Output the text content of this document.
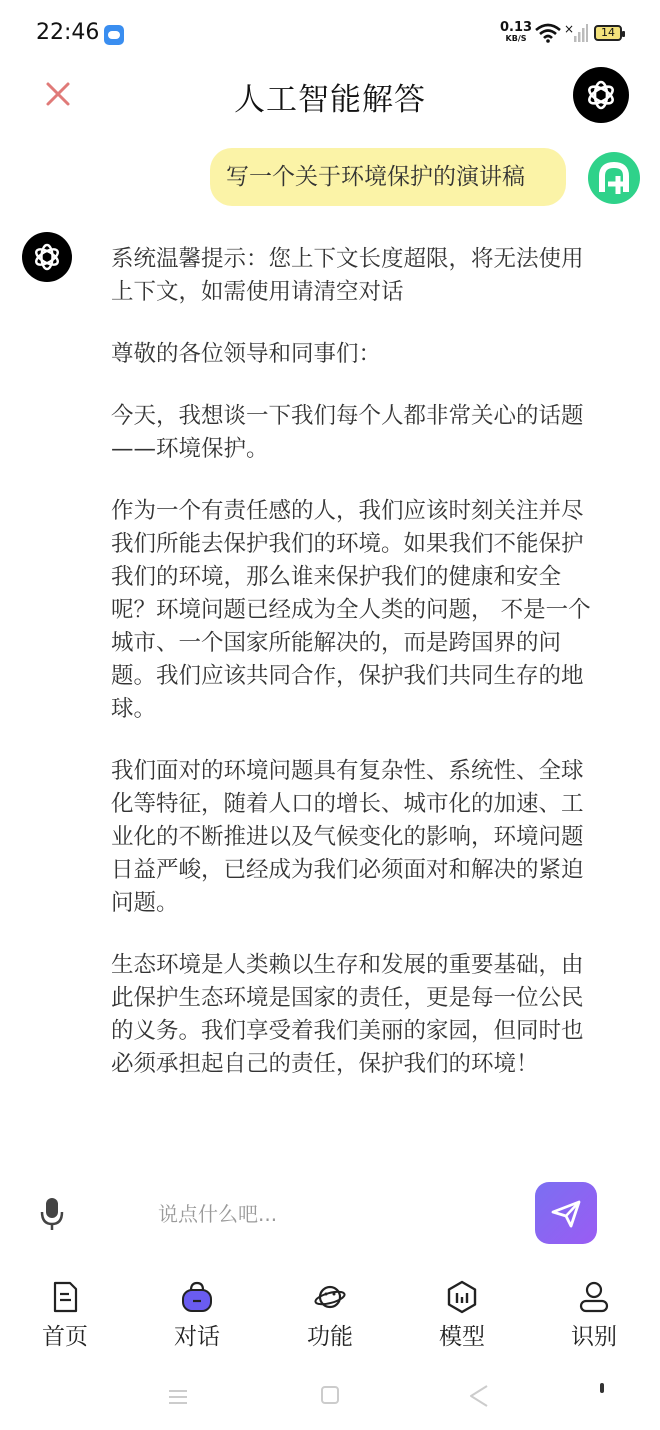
22:46	0.13
KB/S
×	14
人工智能解答
写一个关于环境保护的演讲稿

系统温馨提示：您上下文长度超限，将无法使用上下文，如需使用请清空对话

尊敬的各位领导和同事们：

今天，我想谈一下我们每个人都非常关心的话题——环境保护。

作为一个有责任感的人，我们应该时刻关注并尽我们所能去保护我们的环境。如果我们不能保护我们的环境，那么谁来保护我们的健康和安全呢？环境问题已经成为全人类的问题， 不是一个城市、一个国家所能解决的，而是跨国界的问题。我们应该共同合作，保护我们共同生存的地球。

我们面对的环境问题具有复杂性、系统性、全球化等特征，随着人口的增长、城市化的加速、工业化的不断推进以及气候变化的影响，环境问题日益严峻，已经成为我们必须面对和解决的紧迫问题。

生态环境是人类赖以生存和发展的重要基础，由此保护生态环境是国家的责任，更是每一位公民的义务。我们享受着我们美丽的家园，但同时也必须承担起自己的责任，保护我们的环境！

说点什么吧...
首页	对话	功能	模型	识别
